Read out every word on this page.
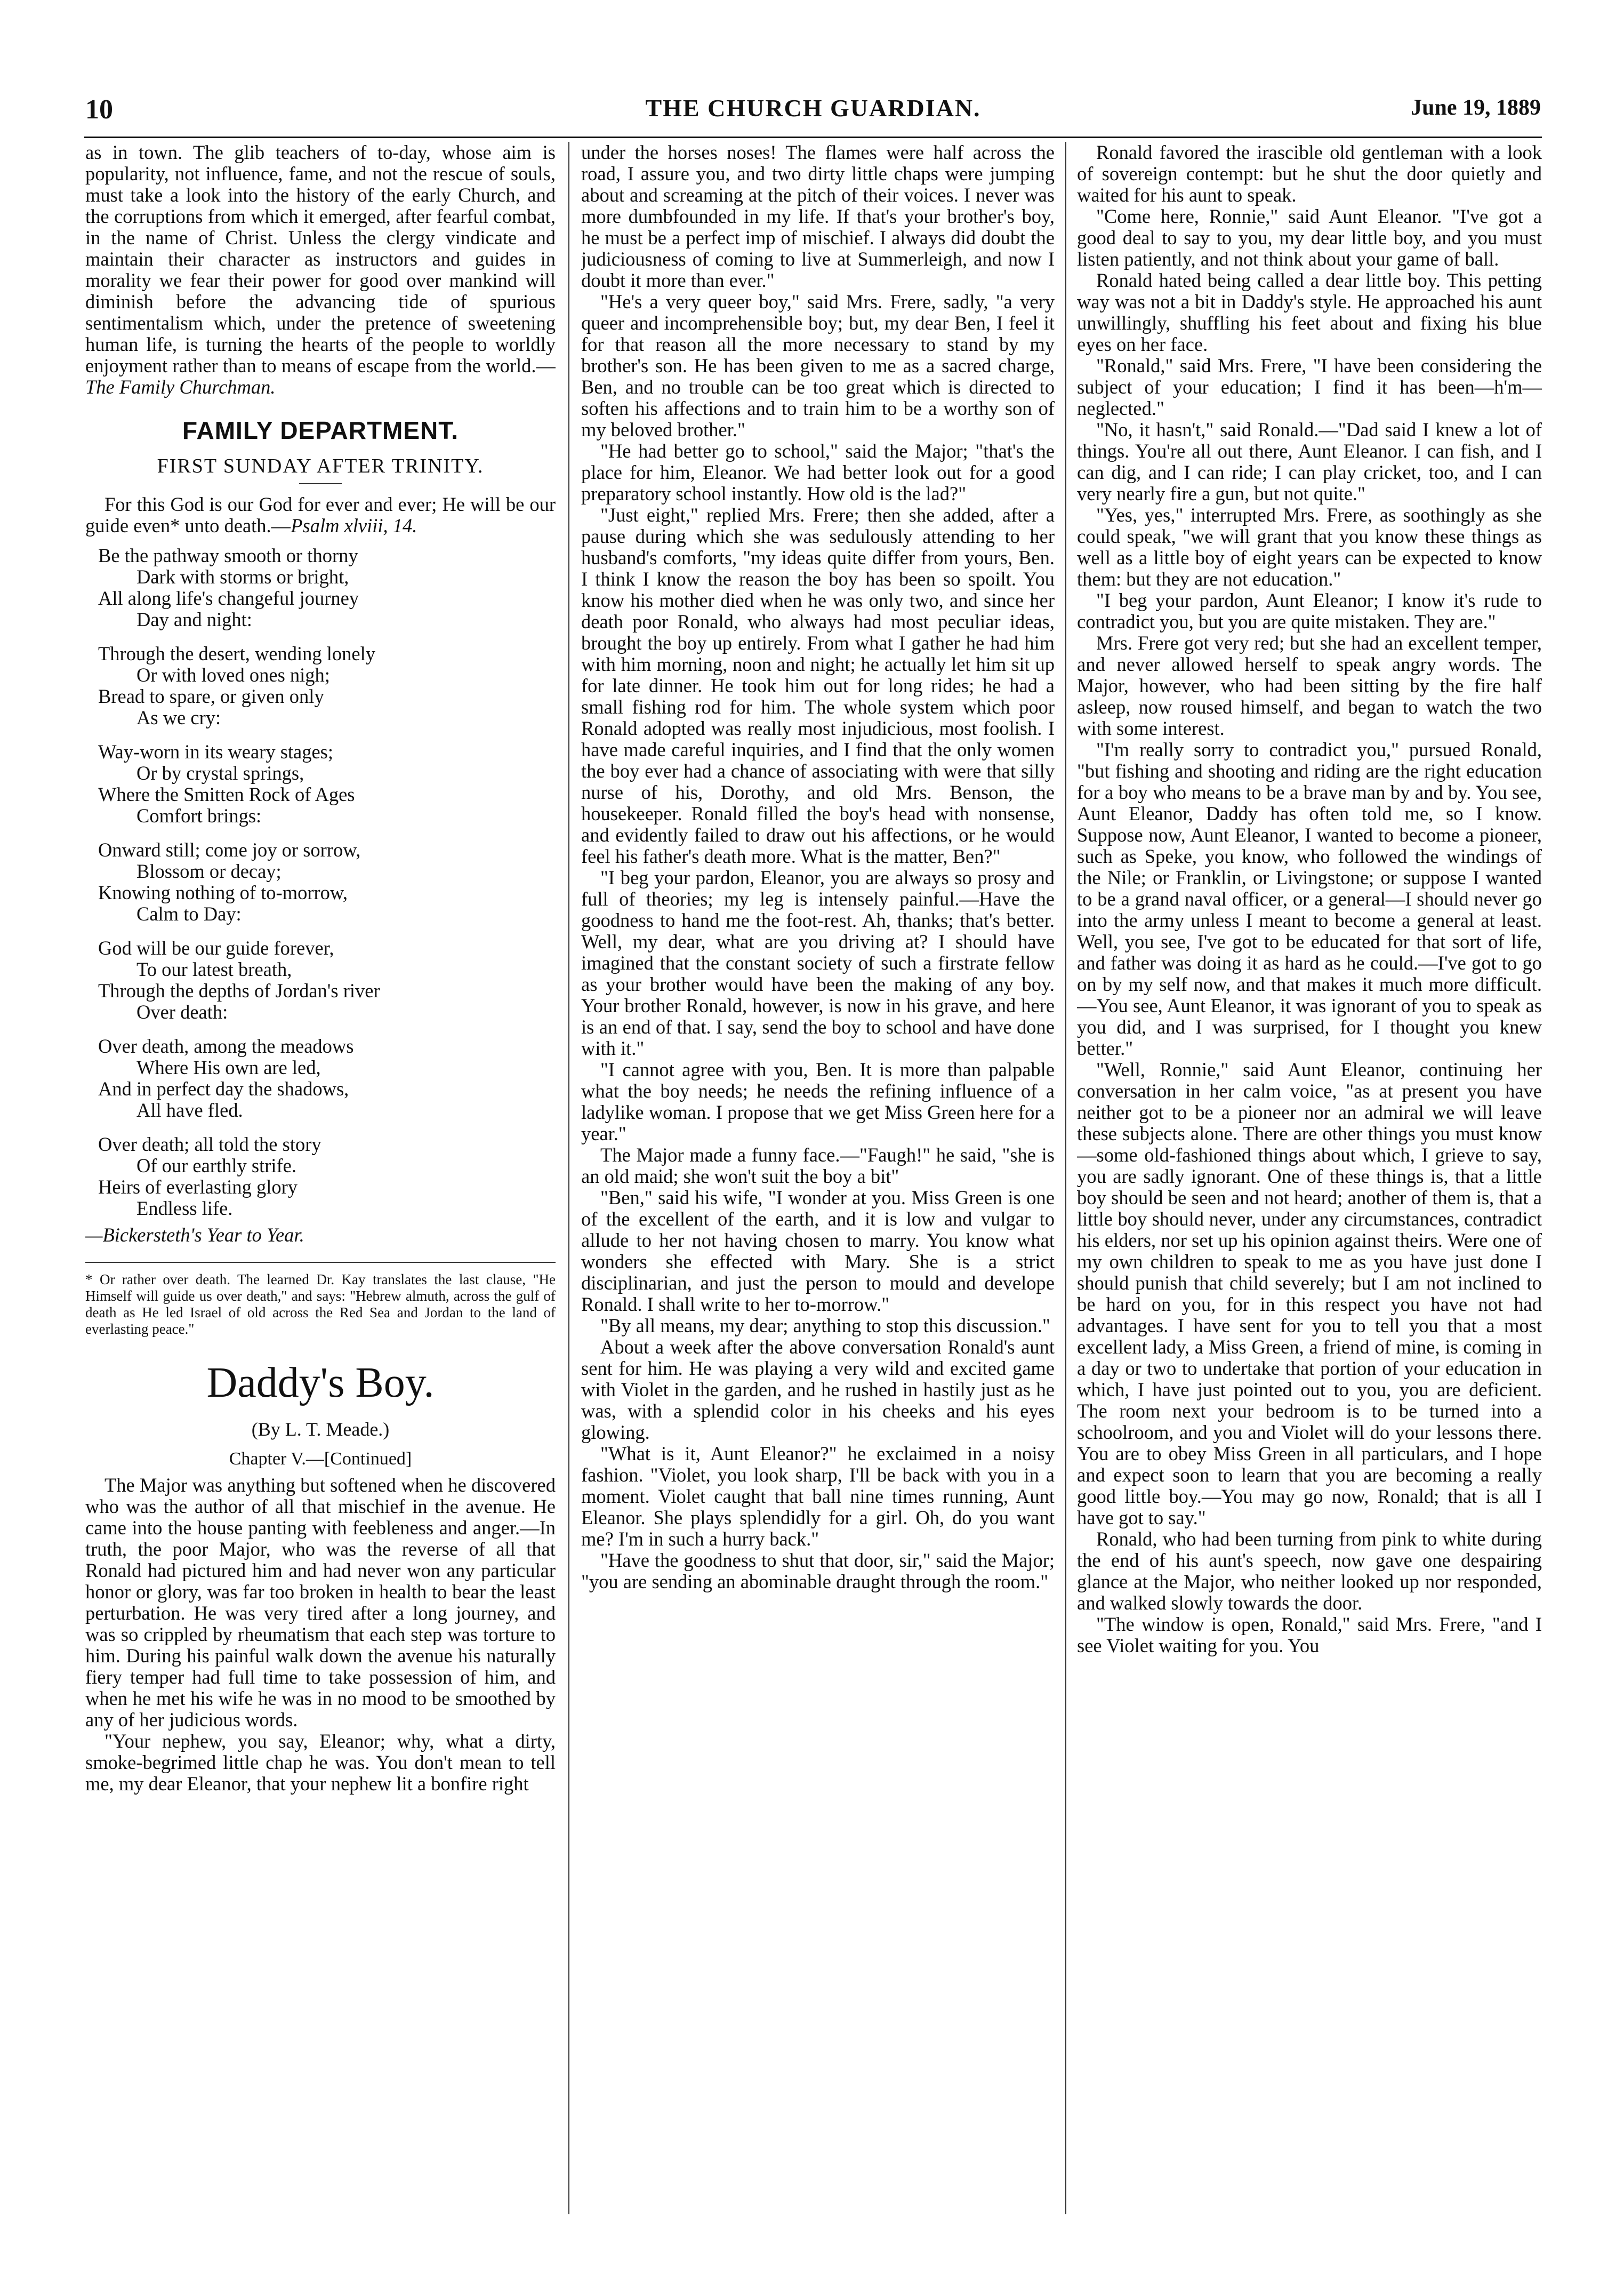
10	THE CHURCH GUARDIAN.	June 19, 1889

as in town. The glib teachers of to-day, whose aim is popularity, not influence, fame, and not the rescue of souls, must take a look into the history of the early Church, and the corruptions from which it emerged, after fearful combat, in the name of Christ. Unless the clergy vindicate and maintain their character as instructors and guides in morality we fear their power for good over mankind will diminish before the advancing tide of spurious sentimentalism which, under the pretence of sweetening human life, is turning the hearts of the people to worldly enjoyment rather than to means of escape from the world.—The Family Churchman.

FAMILY DEPARTMENT.
FIRST SUNDAY AFTER TRINITY.

For this God is our God for ever and ever; He will be our guide even* unto death.—Psalm xlviii, 14.

Be the pathway smooth or thorny

Dark with storms or bright,

All along life's changeful journey

Day and night:

Through the desert, wending lonely

Or with loved ones nigh;

Bread to spare, or given only

As we cry:

Way-worn in its weary stages;

Or by crystal springs,

Where the Smitten Rock of Ages

Comfort brings:

Onward still; come joy or sorrow,

Blossom or decay;

Knowing nothing of to-morrow,

Calm to Day:

God will be our guide forever,

To our latest breath,

Through the depths of Jordan's river

Over death:

Over death, among the meadows

Where His own are led,

And in perfect day the shadows,

All have fled.

Over death; all told the story

Of our earthly strife.

Heirs of everlasting glory

Endless life.

—Bickersteth's Year to Year.

* Or rather over death. The learned Dr. Kay translates the last clause, "He Himself will guide us over death," and says: "Hebrew almuth, across the gulf of death as He led Israel of old across the Red Sea and Jordan to the land of everlasting peace."

Daddy's Boy.
(By L. T. Meade.)
Chapter V.—[Continued]

The Major was anything but softened when he discovered who was the author of all that mischief in the avenue. He came into the house panting with feebleness and anger.—In truth, the poor Major, who was the reverse of all that Ronald had pictured him and had never won any particular honor or glory, was far too broken in health to bear the least perturbation. He was very tired after a long journey, and was so crippled by rheumatism that each step was torture to him. During his painful walk down the avenue his naturally fiery temper had full time to take possession of him, and when he met his wife he was in no mood to be smoothed by any of her judicious words.

"Your nephew, you say, Eleanor; why, what a dirty, smoke-begrimed little chap he was. You don't mean to tell me, my dear Eleanor, that your nephew lit a bonfire right

under the horses noses! The flames were half across the road, I assure you, and two dirty little chaps were jumping about and screaming at the pitch of their voices. I never was more dumbfounded in my life. If that's your brother's boy, he must be a perfect imp of mischief. I always did doubt the judiciousness of coming to live at Summerleigh, and now I doubt it more than ever."

"He's a very queer boy," said Mrs. Frere, sadly, "a very queer and incomprehensible boy; but, my dear Ben, I feel it for that reason all the more necessary to stand by my brother's son. He has been given to me as a sacred charge, Ben, and no trouble can be too great which is directed to soften his affections and to train him to be a worthy son of my beloved brother."

"He had better go to school," said the Major; "that's the place for him, Eleanor. We had better look out for a good preparatory school instantly. How old is the lad?"

"Just eight," replied Mrs. Frere; then she added, after a pause during which she was sedulously attending to her husband's comforts, "my ideas quite differ from yours, Ben. I think I know the reason the boy has been so spoilt. You know his mother died when he was only two, and since her death poor Ronald, who always had most peculiar ideas, brought the boy up entirely. From what I gather he had him with him morning, noon and night; he actually let him sit up for late dinner. He took him out for long rides; he had a small fishing rod for him. The whole system which poor Ronald adopted was really most injudicious, most foolish. I have made careful inquiries, and I find that the only women the boy ever had a chance of associating with were that silly nurse of his, Dorothy, and old Mrs. Benson, the housekeeper. Ronald filled the boy's head with nonsense, and evidently failed to draw out his affections, or he would feel his father's death more. What is the matter, Ben?"

"I beg your pardon, Eleanor, you are always so prosy and full of theories; my leg is intensely painful.—Have the goodness to hand me the foot-rest. Ah, thanks; that's better. Well, my dear, what are you driving at? I should have imagined that the constant society of such a firstrate fellow as your brother would have been the making of any boy. Your brother Ronald, however, is now in his grave, and here is an end of that. I say, send the boy to school and have done with it."

"I cannot agree with you, Ben. It is more than palpable what the boy needs; he needs the refining influence of a ladylike woman. I propose that we get Miss Green here for a year."

The Major made a funny face.—"Faugh!" he said, "she is an old maid; she won't suit the boy a bit"

"Ben," said his wife, "I wonder at you. Miss Green is one of the excellent of the earth, and it is low and vulgar to allude to her not having chosen to marry. You know what wonders she effected with Mary. She is a strict disciplinarian, and just the person to mould and develope Ronald. I shall write to her to-morrow."

"By all means, my dear; anything to stop this discussion."

About a week after the above conversation Ronald's aunt sent for him. He was playing a very wild and excited game with Violet in the garden, and he rushed in hastily just as he was, with a splendid color in his cheeks and his eyes glowing.

"What is it, Aunt Eleanor?" he exclaimed in a noisy fashion. "Violet, you look sharp, I'll be back with you in a moment. Violet caught that ball nine times running, Aunt Eleanor. She plays splendidly for a girl. Oh, do you want me? I'm in such a hurry back."

"Have the goodness to shut that door, sir," said the Major; "you are sending an abominable draught through the room."

Ronald favored the irascible old gentleman with a look of sovereign contempt: but he shut the door quietly and waited for his aunt to speak.

"Come here, Ronnie," said Aunt Eleanor. "I've got a good deal to say to you, my dear little boy, and you must listen patiently, and not think about your game of ball.

Ronald hated being called a dear little boy. This petting way was not a bit in Daddy's style. He approached his aunt unwillingly, shuffling his feet about and fixing his blue eyes on her face.

"Ronald," said Mrs. Frere, "I have been considering the subject of your education; I find it has been—h'm—neglected."

"No, it hasn't," said Ronald.—"Dad said I knew a lot of things. You're all out there, Aunt Eleanor. I can fish, and I can dig, and I can ride; I can play cricket, too, and I can very nearly fire a gun, but not quite."

"Yes, yes," interrupted Mrs. Frere, as soothingly as she could speak, "we will grant that you know these things as well as a little boy of eight years can be expected to know them: but they are not education."

"I beg your pardon, Aunt Eleanor; I know it's rude to contradict you, but you are quite mistaken. They are."

Mrs. Frere got very red; but she had an excellent temper, and never allowed herself to speak angry words. The Major, however, who had been sitting by the fire half asleep, now roused himself, and began to watch the two with some interest.

"I'm really sorry to contradict you," pursued Ronald, "but fishing and shooting and riding are the right education for a boy who means to be a brave man by and by. You see, Aunt Eleanor, Daddy has often told me, so I know. Suppose now, Aunt Eleanor, I wanted to become a pioneer, such as Speke, you know, who followed the windings of the Nile; or Franklin, or Livingstone; or suppose I wanted to be a grand naval officer, or a general—I should never go into the army unless I meant to become a general at least. Well, you see, I've got to be educated for that sort of life, and father was doing it as hard as he could.—I've got to go on by my self now, and that makes it much more difficult.—You see, Aunt Eleanor, it was ignorant of you to speak as you did, and I was surprised, for I thought you knew better."

"Well, Ronnie," said Aunt Eleanor, continuing her conversation in her calm voice, "as at present you have neither got to be a pioneer nor an admiral we will leave these subjects alone. There are other things you must know—some old-fashioned things about which, I grieve to say, you are sadly ignorant. One of these things is, that a little boy should be seen and not heard; another of them is, that a little boy should never, under any circumstances, contradict his elders, nor set up his opinion against theirs. Were one of my own children to speak to me as you have just done I should punish that child severely; but I am not inclined to be hard on you, for in this respect you have not had advantages. I have sent for you to tell you that a most excellent lady, a Miss Green, a friend of mine, is coming in a day or two to undertake that portion of your education in which, I have just pointed out to you, you are deficient. The room next your bedroom is to be turned into a schoolroom, and you and Violet will do your lessons there. You are to obey Miss Green in all particulars, and I hope and expect soon to learn that you are becoming a really good little boy.—You may go now, Ronald; that is all I have got to say."

Ronald, who had been turning from pink to white during the end of his aunt's speech, now gave one despairing glance at the Major, who neither looked up nor responded, and walked slowly towards the door.

"The window is open, Ronald," said Mrs. Frere, "and I see Violet waiting for you. You
